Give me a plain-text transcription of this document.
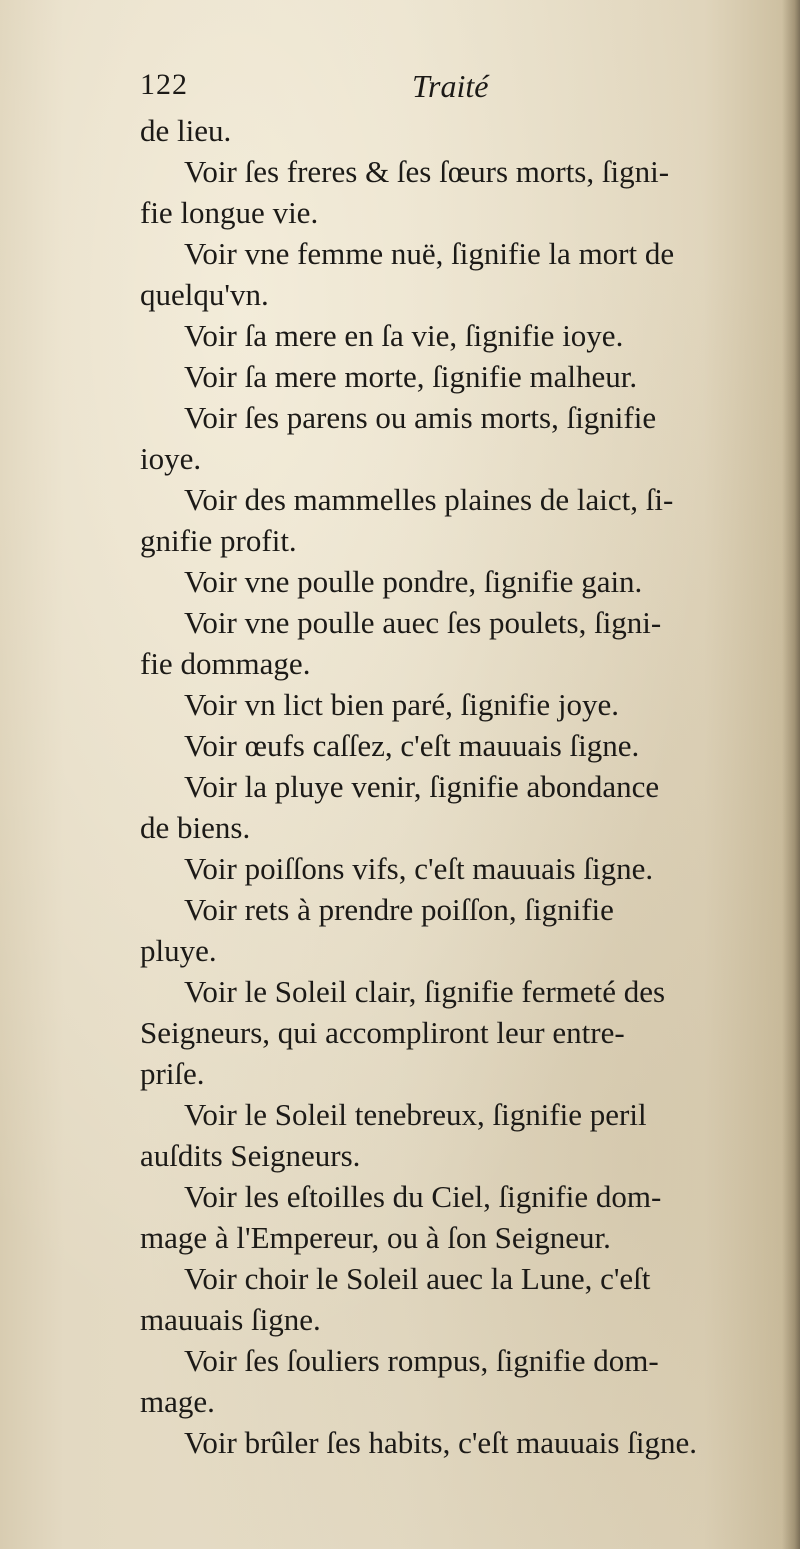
122	Traité
de lieu.
Voir ſes freres & ſes ſœurs morts, ſigni-
fie longue vie.
Voir vne femme nuë, ſignifie la mort de
quelqu'vn.
Voir ſa mere en ſa vie, ſignifie ioye.
Voir ſa mere morte, ſignifie malheur.
Voir ſes parens ou amis morts, ſignifie
ioye.
Voir des mammelles plaines de laict, ſi-
gnifie profit.
Voir vne poulle pondre, ſignifie gain.
Voir vne poulle auec ſes poulets, ſigni-
fie dommage.
Voir vn lict bien paré, ſignifie joye.
Voir œufs caſſez, c'eſt mauuais ſigne.
Voir la pluye venir, ſignifie abondance
de biens.
Voir poiſſons vifs, c'eſt mauuais ſigne.
Voir rets à prendre poiſſon, ſignifie
pluye.
Voir le Soleil clair, ſignifie fermeté des
Seigneurs, qui accompliront leur entre-
priſe.
Voir le Soleil tenebreux, ſignifie peril
auſdits Seigneurs.
Voir les eſtoilles du Ciel, ſignifie dom-
mage à l'Empereur, ou à ſon Seigneur.
Voir choir le Soleil auec la Lune, c'eſt
mauuais ſigne.
Voir ſes ſouliers rompus, ſignifie dom-
mage.
Voir brûler ſes habits, c'eſt mauuais ſigne.
